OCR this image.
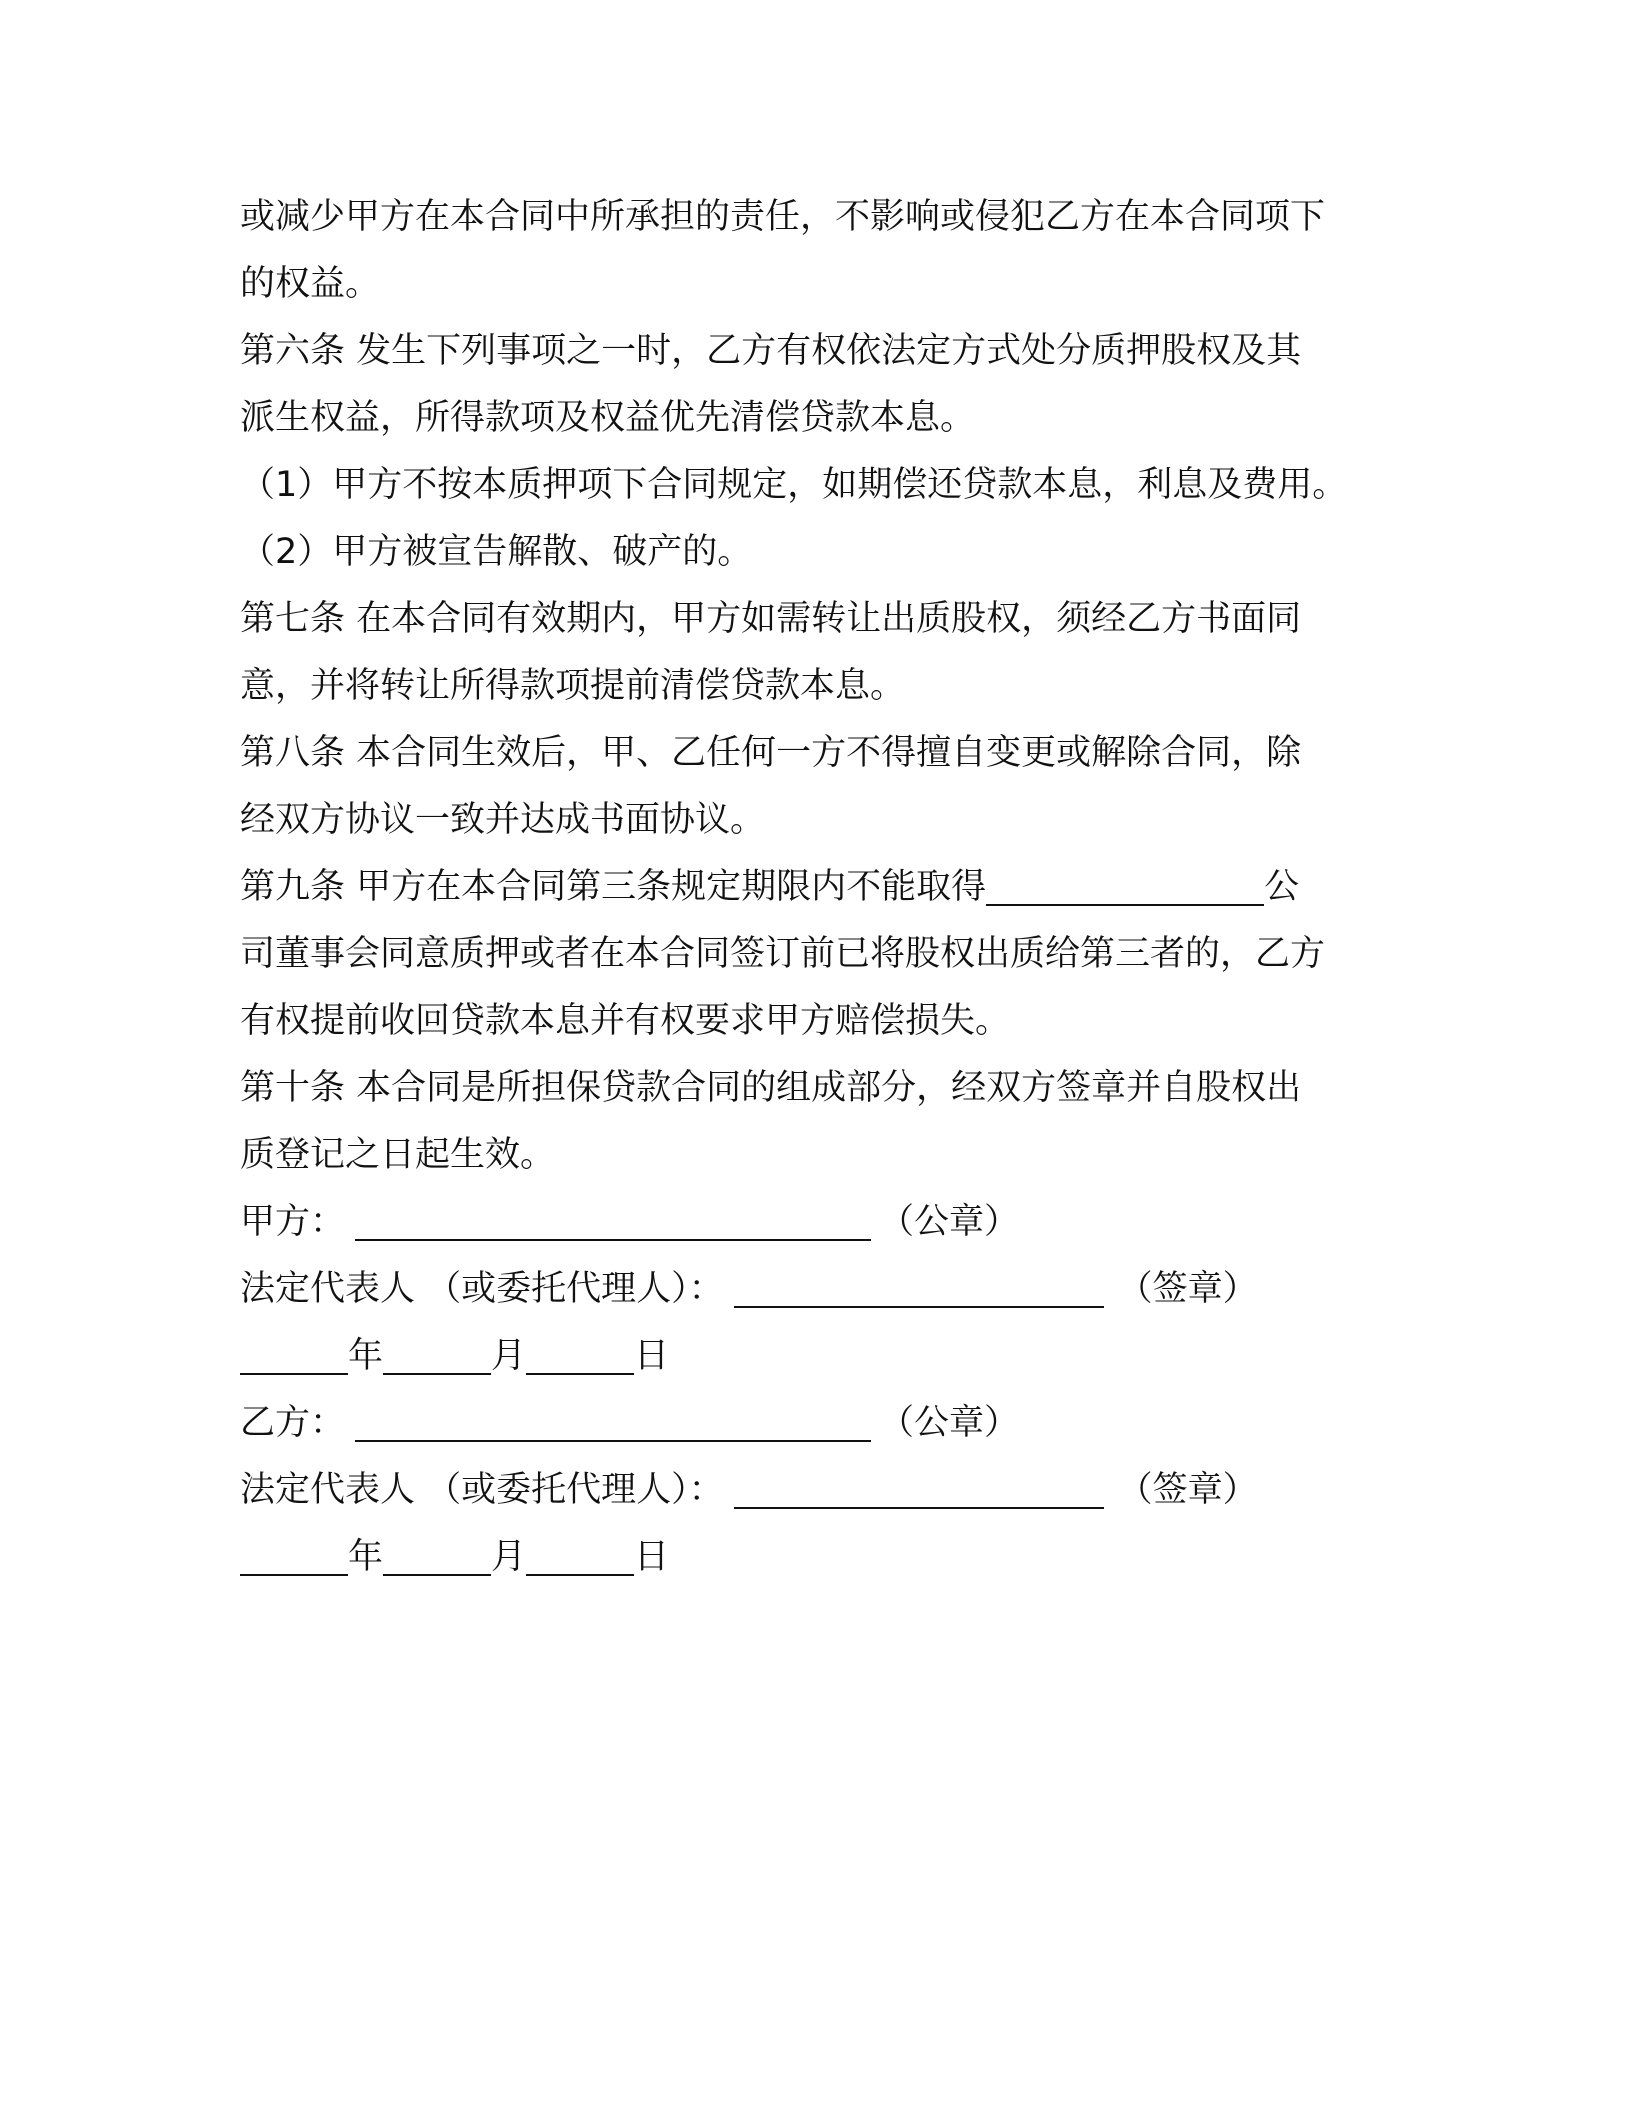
或减少甲方在本合同中所承担的责任，不影响或侵犯乙方在本合同项下
的权益。
第六条 发生下列事项之一时，乙方有权依法定方式处分质押股权及其
派生权益，所得款项及权益优先清偿贷款本息。
（1）甲方不按本质押项下合同规定，如期偿还贷款本息，利息及费用。
（2）甲方被宣告解散、破产的。
第七条 在本合同有效期内，甲方如需转让出质股权，须经乙方书面同
意，并将转让所得款项提前清偿贷款本息。
第八条 本合同生效后，甲、乙任何一方不得擅自变更或解除合同，除
经双方协议一致并达成书面协议。
第九条 甲方在本合同第三条规定期限内不能取得	公
司董事会同意质押或者在本合同签订前已将股权出质给第三者的，乙方
有权提前收回贷款本息并有权要求甲方赔偿损失。
第十条 本合同是所担保贷款合同的组成部分，经双方签章并自股权出
质登记之日起生效。
甲方：	（公章）
法定代表人 （或委托代理人）：	（签章）
年	月	日
乙方：	（公章）
法定代表人 （或委托代理人）：	（签章）
年	月	日
